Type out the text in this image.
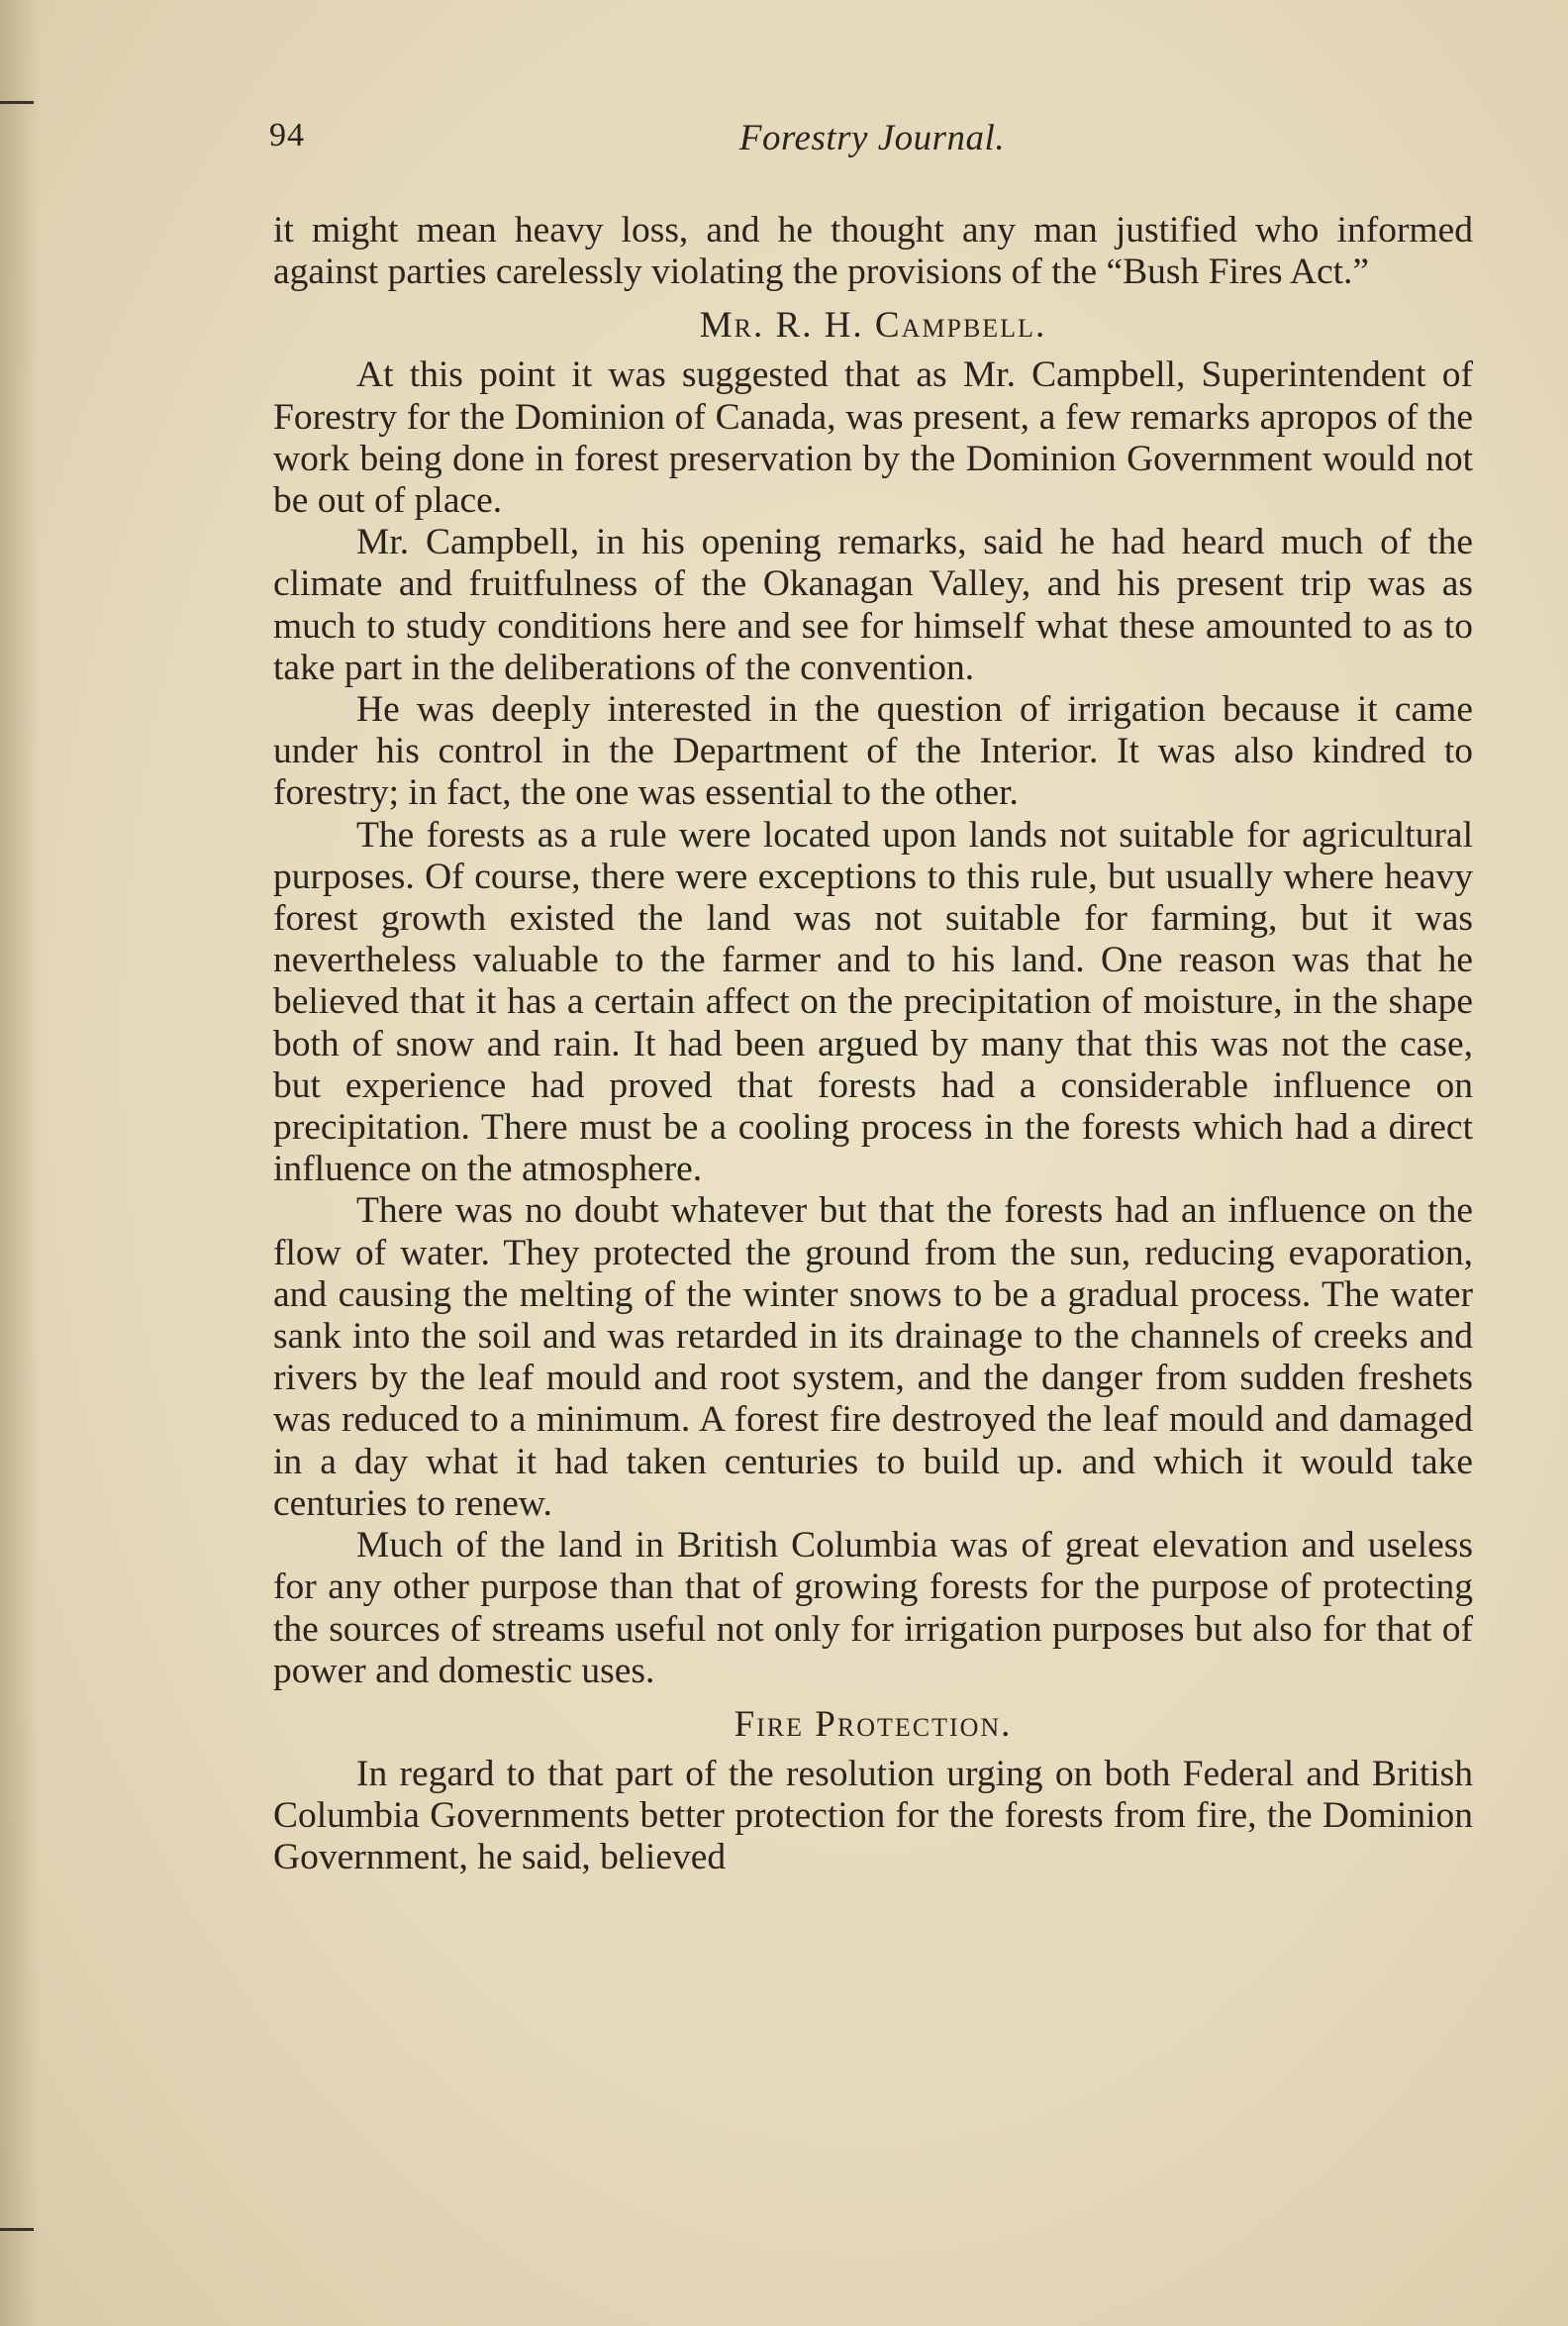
94	Forestry Journal.

it might mean heavy loss, and he thought any man justified who informed against parties carelessly violating the provisions of the “Bush Fires Act.”

Mr. R. H. Campbell.

At this point it was suggested that as Mr. Campbell, Superintendent of Forestry for the Dominion of Canada, was present, a few remarks apropos of the work being done in forest preservation by the Dominion Government would not be out of place.

Mr. Campbell, in his opening remarks, said he had heard much of the climate and fruitfulness of the Okanagan Valley, and his present trip was as much to study conditions here and see for himself what these amounted to as to take part in the deliberations of the convention.

He was deeply interested in the question of irrigation because it came under his control in the Department of the Interior. It was also kindred to forestry; in fact, the one was essential to the other.

The forests as a rule were located upon lands not suitable for agricultural purposes. Of course, there were exceptions to this rule, but usually where heavy forest growth existed the land was not suitable for farming, but it was nevertheless valuable to the farmer and to his land. One reason was that he believed that it has a certain affect on the precipitation of moisture, in the shape both of snow and rain. It had been argued by many that this was not the case, but experience had proved that forests had a considerable influence on precipitation. There must be a cooling process in the forests which had a direct influence on the atmosphere.

There was no doubt whatever but that the forests had an influence on the flow of water. They protected the ground from the sun, reducing evaporation, and causing the melting of the winter snows to be a gradual process. The water sank into the soil and was retarded in its drainage to the channels of creeks and rivers by the leaf mould and root system, and the danger from sudden freshets was reduced to a minimum. A forest fire destroyed the leaf mould and damaged in a day what it had taken centuries to build up. and which it would take centuries to renew.

Much of the land in British Columbia was of great elevation and useless for any other purpose than that of growing forests for the purpose of protecting the sources of streams useful not only for irrigation purposes but also for that of power and domestic uses.

Fire Protection.

In regard to that part of the resolution urging on both Federal and British Columbia Governments better protection for the forests from fire, the Dominion Government, he said, believed
